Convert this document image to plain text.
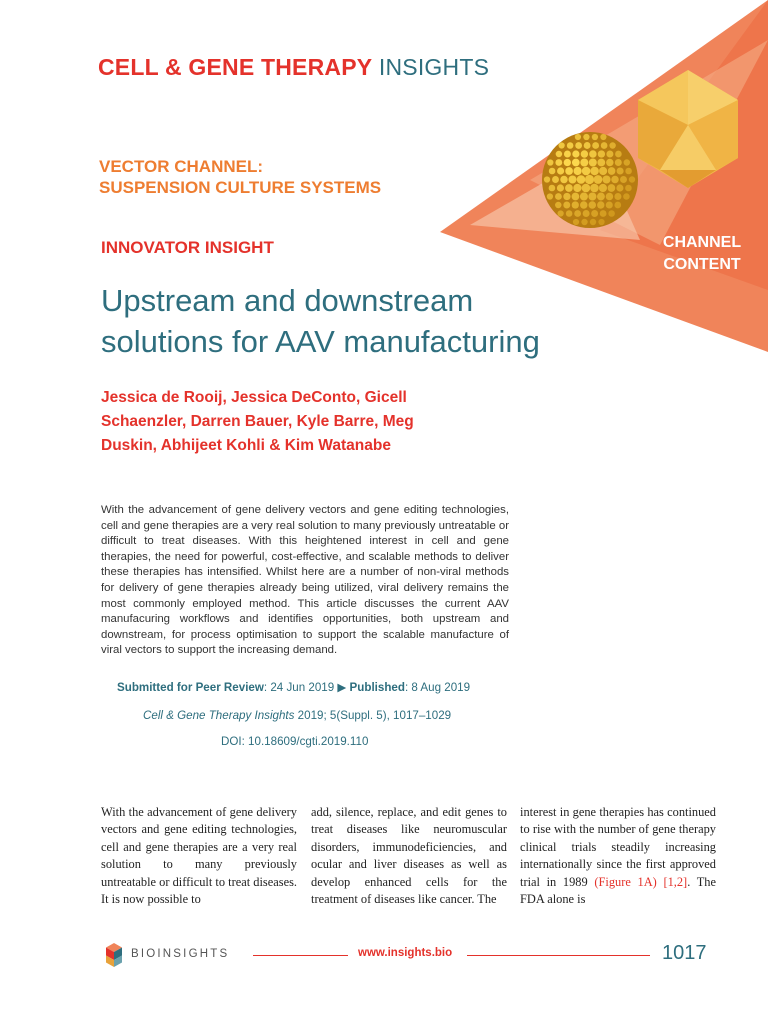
CELL & GENE THERAPY INSIGHTS
VECTOR CHANNEL:
SUSPENSION CULTURE SYSTEMS
CHANNEL
CONTENT
INNOVATOR INSIGHT
Upstream and downstream
solutions for AAV manufacturing
Jessica de Rooij, Jessica DeConto, Gicell
Schaenzler, Darren Bauer, Kyle Barre, Meg
Duskin, Abhijeet Kohli & Kim Watanabe
With the advancement of gene delivery vectors and gene editing technologies, cell and gene therapies are a very real solution to many previously untreatable or difficult to treat diseases. With this heightened interest in cell and gene therapies, the need for powerful, cost-effective, and scalable methods to deliver these therapies has intensified. Whilst here are a number of non-viral methods for delivery of gene therapies already being utilized, viral delivery remains the most commonly employed method. This article discusses the current AAV manufacuring workflows and identifies opportunities, both upstream and downstream, for process optimisation to support the scalable manufacture of viral vectors to support the increasing demand.
Submitted for Peer Review: 24 Jun 2019 ▶ Published: 8 Aug 2019
Cell & Gene Therapy Insights 2019; 5(Suppl. 5), 1017–1029
DOI: 10.18609/cgti.2019.110
With the advancement of gene delivery vectors and gene editing technologies, cell and gene therapies are a very real solution to many previously untreatable or difficult to treat diseases. It is now possible to
add, silence, replace, and edit genes to treat diseases like neuromuscular disorders, immunodeficiencies, and ocular and liver diseases as well as develop enhanced cells for the treatment of diseases like cancer. The
interest in gene therapies has continued to rise with the number of gene therapy clinical trials steadily increasing internationally since the first approved trial in 1989 (Figure 1A) [1,2]. The FDA alone is
BIOINSIGHTS	www.insights.bio	1017
